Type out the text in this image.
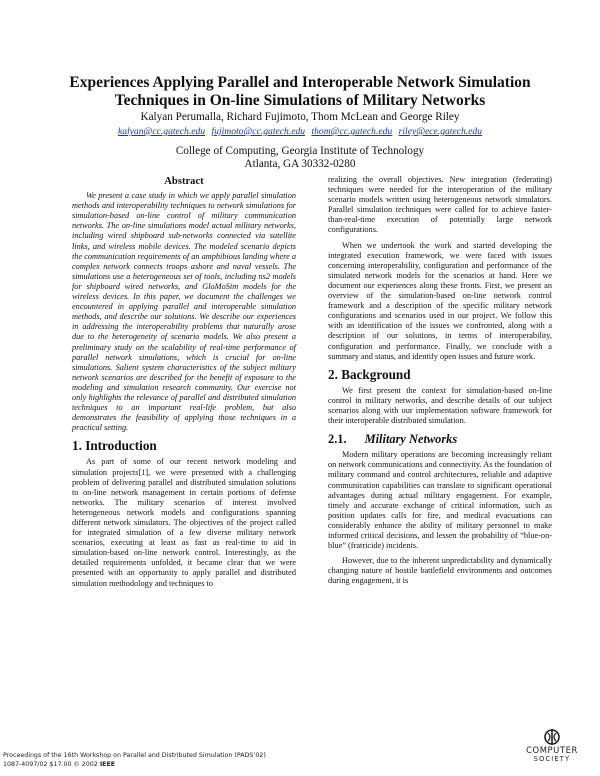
Experiences Applying Parallel and Interoperable Network Simulation Techniques in On-line Simulations of Military Networks
Kalyan Perumalla, Richard Fujimoto, Thom McLean and George Riley
kalyan@cc.gatech.edu fujimoto@cc.gatech.edu thom@cc.gatech.edu riley@ece.gatech.edu
College of Computing, Georgia Institute of Technology
Atlanta, GA 30332-0280
Abstract

We present a case study in which we apply parallel simulation methods and interoperability techniques to network simulations for simulation-based on-line control of military communication networks. The on-line simulations model actual military networks, including wired shipboard sub-networks connected via satellite links, and wireless mobile devices. The modeled scenario depicts the communication requirements of an amphibious landing where a complex network connects troops ashore and naval vessels. The simulations use a heterogeneous set of tools, including ns2 models for shipboard wired networks, and GloMoSim models for the wireless devices. In this paper, we document the challenges we encountered in applying parallel and interoperable simulation methods, and describe our solutions. We describe our experiences in addressing the interoperability problems that naturally arose due to the heterogeneity of scenario models. We also present a preliminary study on the scalability of real-time performance of parallel network simulations, which is crucial for on-line simulations. Salient system characteristics of the subject military network scenarios are described for the benefit of exposure to the modeling and simulation research community. Our exercise not only highlights the relevance of parallel and distributed simulation techniques to an important real-life problem, but also demonstrates the feasibility of applying those techniques in a practical setting.

1. Introduction

As part of some of our recent network modeling and simulation projects[1], we were presented with a challenging problem of delivering parallel and distributed simulation solutions to on-line network management in certain portions of defense networks. The military scenarios of interest involved heterogeneous network models and configurations spanning different network simulators. The objectives of the project called for integrated simulation of a few diverse military network scenarios, executing at least as fast as real-time to aid in simulation-based on-line network control. Interestingly, as the detailed requirements unfolded, it became clear that we were presented with an opportunity to apply parallel and distributed simulation methodology and techniques to

realizing the overall objectives. New integration (federating) techniques were needed for the interoperation of the military scenario models written using heterogeneous network simulators. Parallel simulation techniques were called for to achieve faster-than-real-time execution of potentially large network configurations.

When we undertook the work and started developing the integrated execution framework, we were faced with issues concerning interoperability, configuration and performance of the simulated network models for the scenarios at hand. Here we document our experiences along these fronts. First, we present an overview of the simulation-based on-line network control framework and a description of the specific military network configurations and scenarios used in our project. We follow this with an identification of the issues we confronted, along with a description of our solutions, in terms of interoperability, configuration and performance. Finally, we conclude with a summary and status, and identify open issues and future work.

2. Background

We first present the context for simulation-based on-line control in military networks, and describe details of our subject scenarios along with our implementation software framework for their interoperable distributed simulation.

2.1. Military Networks

Modern military operations are becoming increasingly reliant on network communications and connectivity. As the foundation of military command and control architectures, reliable and adaptive communication capabilities can translate to significant operational advantages during actual military engagement. For example, timely and accurate exchange of critical information, such as position updates calls for fire, and medical evacuations can considerably enhance the ability of military personnel to make informed critical decisions, and lessen the probability of “blue-on-blue” (fratricide) incidents.

However, due to the inherent unpredictability and dynamically changing nature of hostile battlefield environments and outcomes during engagement, it is

Proceedings of the 16th Workshop on Parallel and Distributed Simulation (PADS’02)
1087-4097/02 $17.00 © 2002 IEEE
COMPUTER
SOCIETY
